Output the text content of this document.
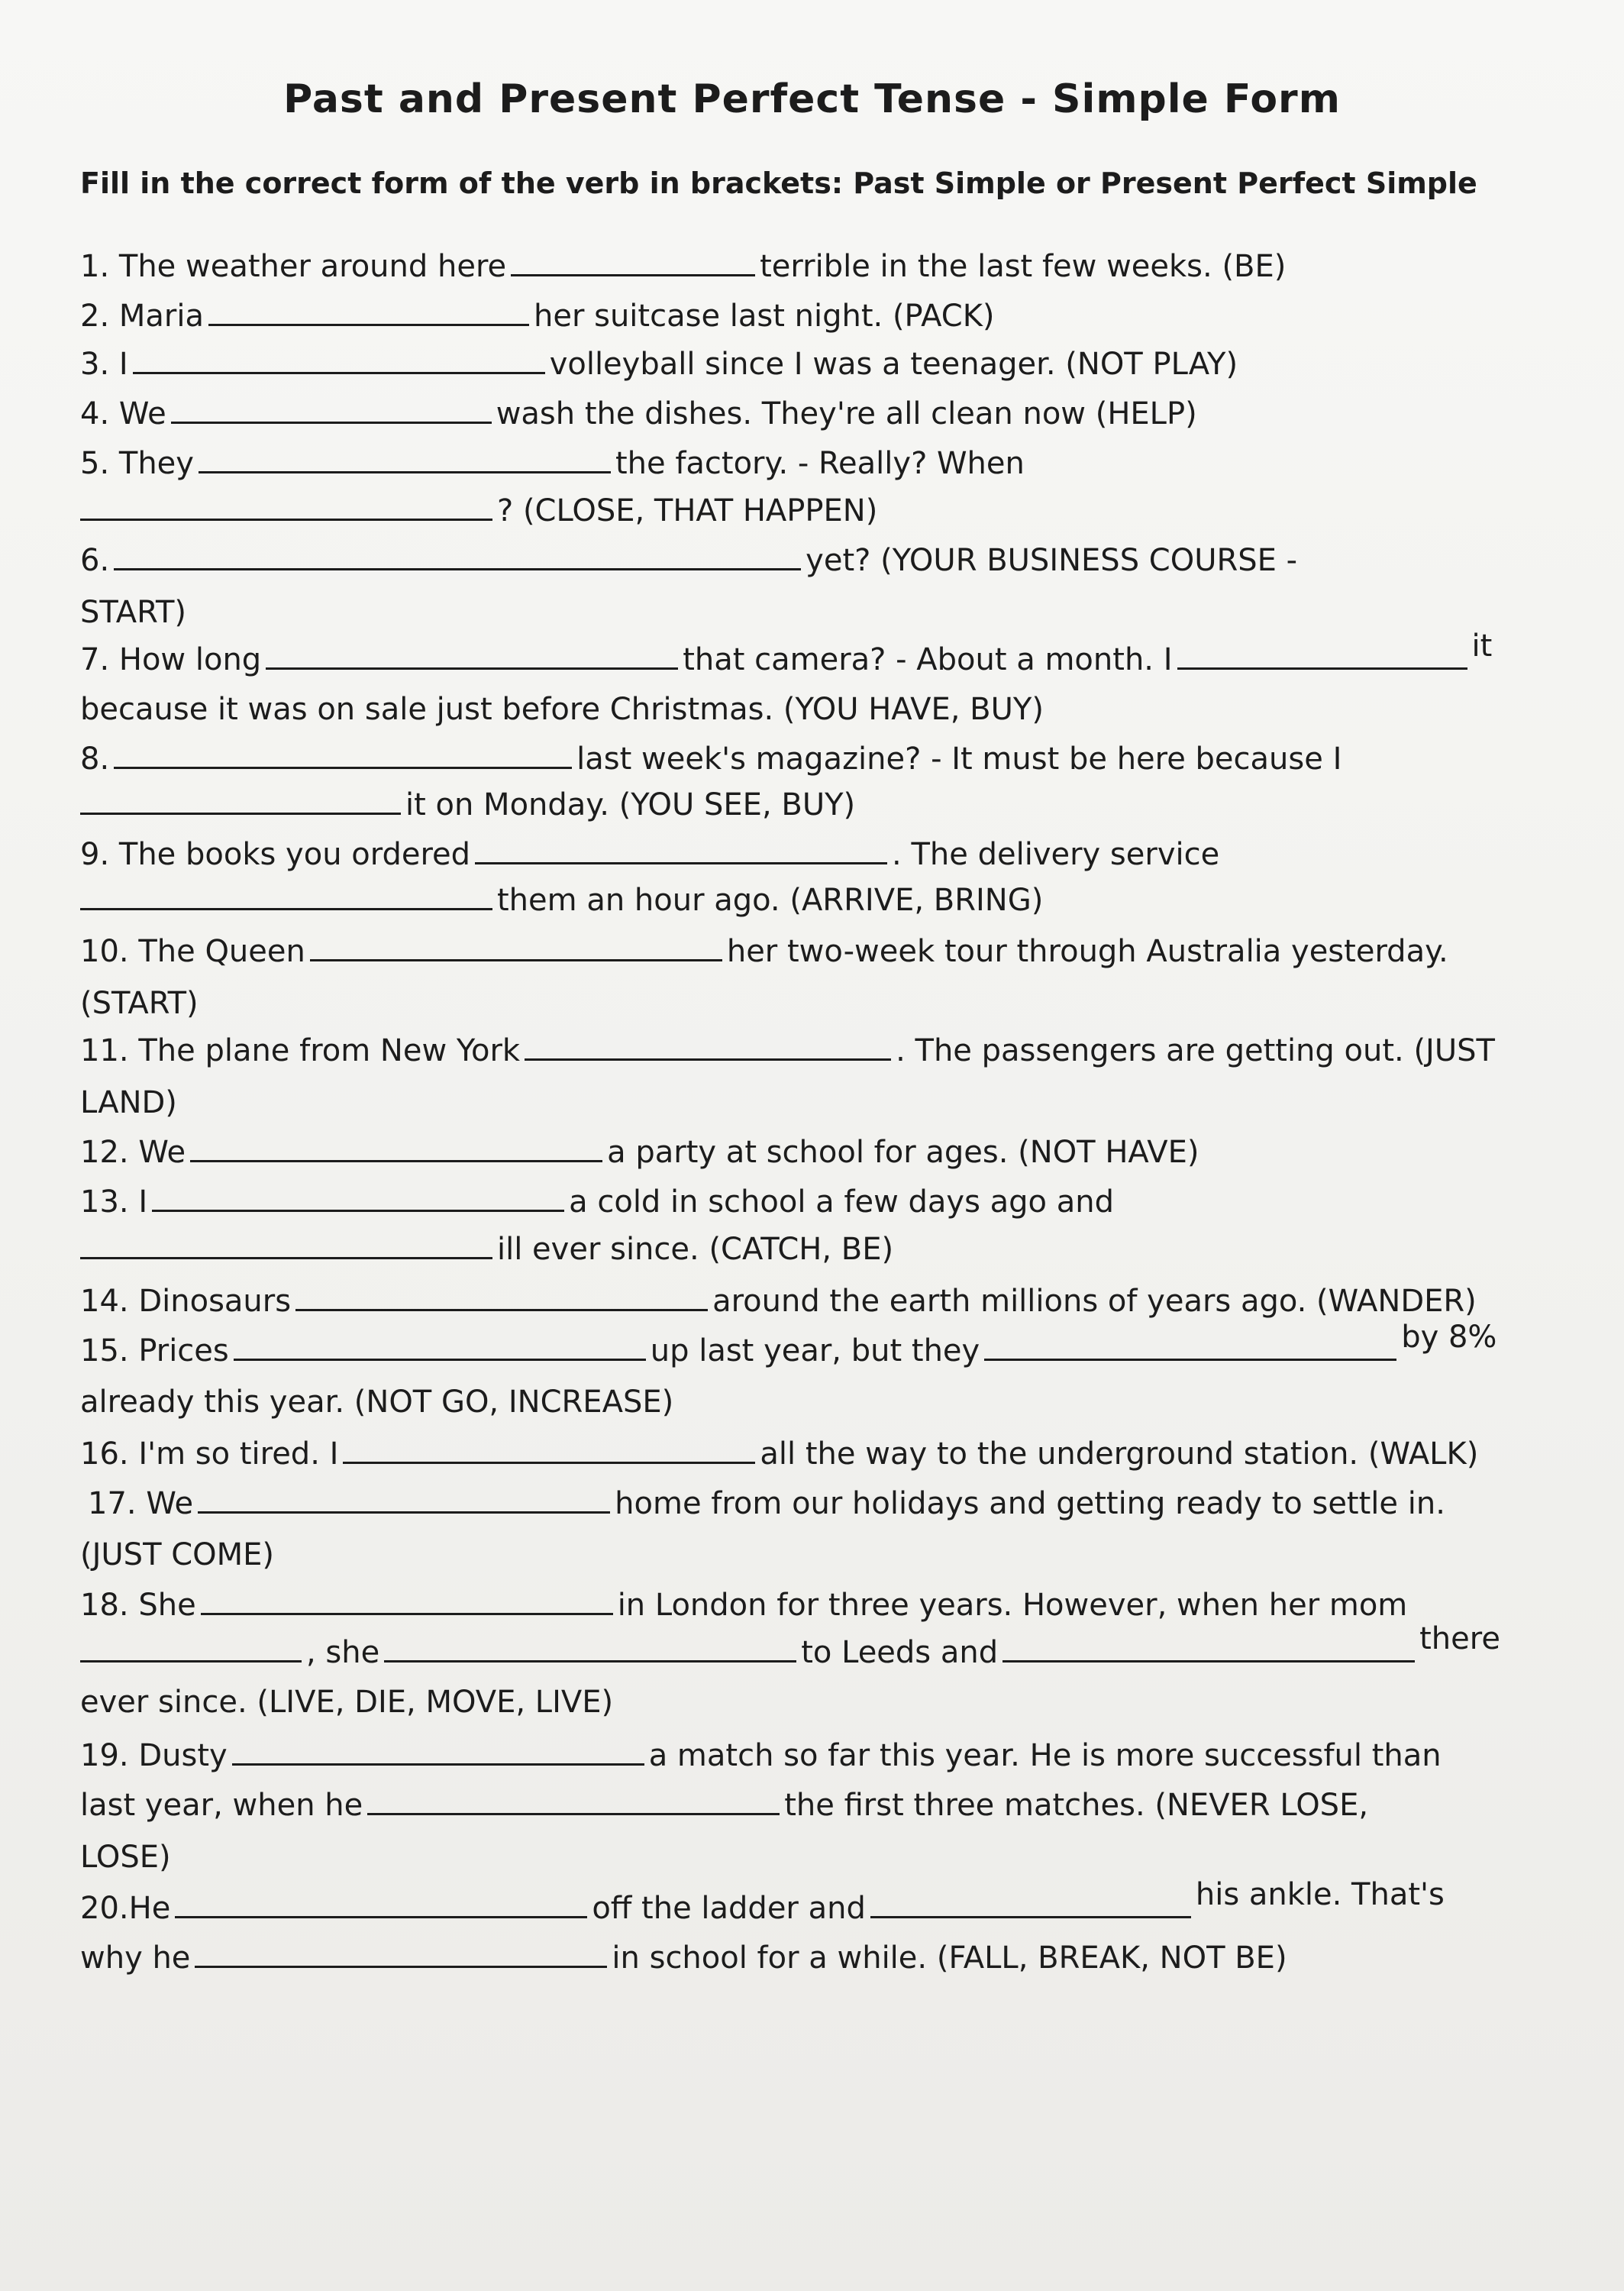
Past and Present Perfect Tense - Simple Form
Fill in the correct form of the verb in brackets: Past Simple or Present Perfect Simple
1. The weather around here	terrible in the last few weeks. (BE)
2. Maria	her suitcase last night. (PACK)
3. I	volleyball since I was a teenager. (NOT PLAY)
4. We	wash the dishes. They're all clean now (HELP)
5. They	the factory. - Really? When
? (CLOSE, THAT HAPPEN)
6.	yet? (YOUR BUSINESS COURSE -
START)
7. How long	that camera? - About a month. I	it
because it was on sale just before Christmas. (YOU HAVE, BUY)
8.	last week's magazine? - It must be here because I
it on Monday. (YOU SEE, BUY)
9. The books you ordered	. The delivery service
them an hour ago. (ARRIVE, BRING)
10. The Queen	her two-week tour through Australia yesterday.
(START)
11. The plane from New York	. The passengers are getting out. (JUST
LAND)
12. We	a party at school for ages. (NOT HAVE)
13. I	a cold in school a few days ago and
ill ever since. (CATCH, BE)
14. Dinosaurs	around the earth millions of years ago. (WANDER)
15. Prices	up last year, but they	by 8%
already this year. (NOT GO, INCREASE)
16. I'm so tired. I	all the way to the underground station. (WALK)
17. We	home from our holidays and getting ready to settle in.
(JUST COME)
18. She	in London for three years. However, when her mom
, she	to Leeds and	there
ever since. (LIVE, DIE, MOVE, LIVE)
19. Dusty	a match so far this year. He is more successful than
last year, when he	the first three matches. (NEVER LOSE,
LOSE)
20.He	off the ladder and	his ankle. That's
why he	in school for a while. (FALL, BREAK, NOT BE)
